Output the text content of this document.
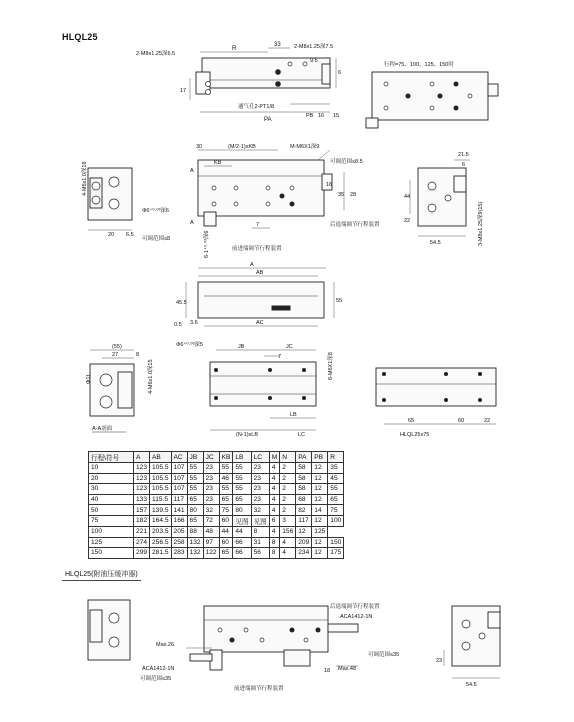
HLQL25
2-M8x1.25深6.5
R
33 2-M8x1.25深7.5
9.5
6
17
PA
PB 16 15
通气孔2-PT1/8
行程=75、100、125、150时
4-M6x1.0深18
20 6.5
30	(M/2-1)xKB	M-M6X1深9
KB	可调范围≤8.5
A
A
16
35 28
7
Φ6⁺⁰·⁰³深6
可调范围≤8	6-1⁺⁰·⁰³深6
后退端调节行程装置
前进端调节行程装置
21.5
6
44
22
54.5	3-M8x1.25深9(15)
A
AB
45.5	55
0.5	AC
3.6
(55)
27	8
Φ11	4-M6x1.0深15
A-A剖面
Φ6⁺⁰·⁰³深5	JB	JC
7	6-M6X1深8
LB
(N-1)xLB	LC
65	60	22
HLQL25x75
后退端调节行程装置
Max.26
ACA1412-1N
可调范围≤35
ACA1412-1N
可调范围≤35
Max.48
18
前进端调节行程装置
23
54.5
行程\符号	A	AB	AC	JB	JC	KB	LB	LC	M	N	PA	PB	R
10	123	105.5	107	55	23	55	55	23	4	2	58	12	35
20	123	105.5	107	55	23	46	55	23	4	2	58	12	45
30	123	105.5	107	55	23	55	55	23	4	2	58	12	55
40	133	115.5	117	65	23	65	65	23	4	2	68	12	65
50	157	139.5	141	80	32	75	80	32	4	2	82	14	75
75	182	164.5	166	65	72	60	见图	见图	6	3	117	12	100
100	221	203.5	205	88	48	44	44	8	4	156	12	125	
125	274	256.5	258	132	97	60	66	31	8	4	209	12	150
150	299	281.5	283	132	122	65	66	56	8	4	234	12	175
HLQL25(附油压缓冲器)
